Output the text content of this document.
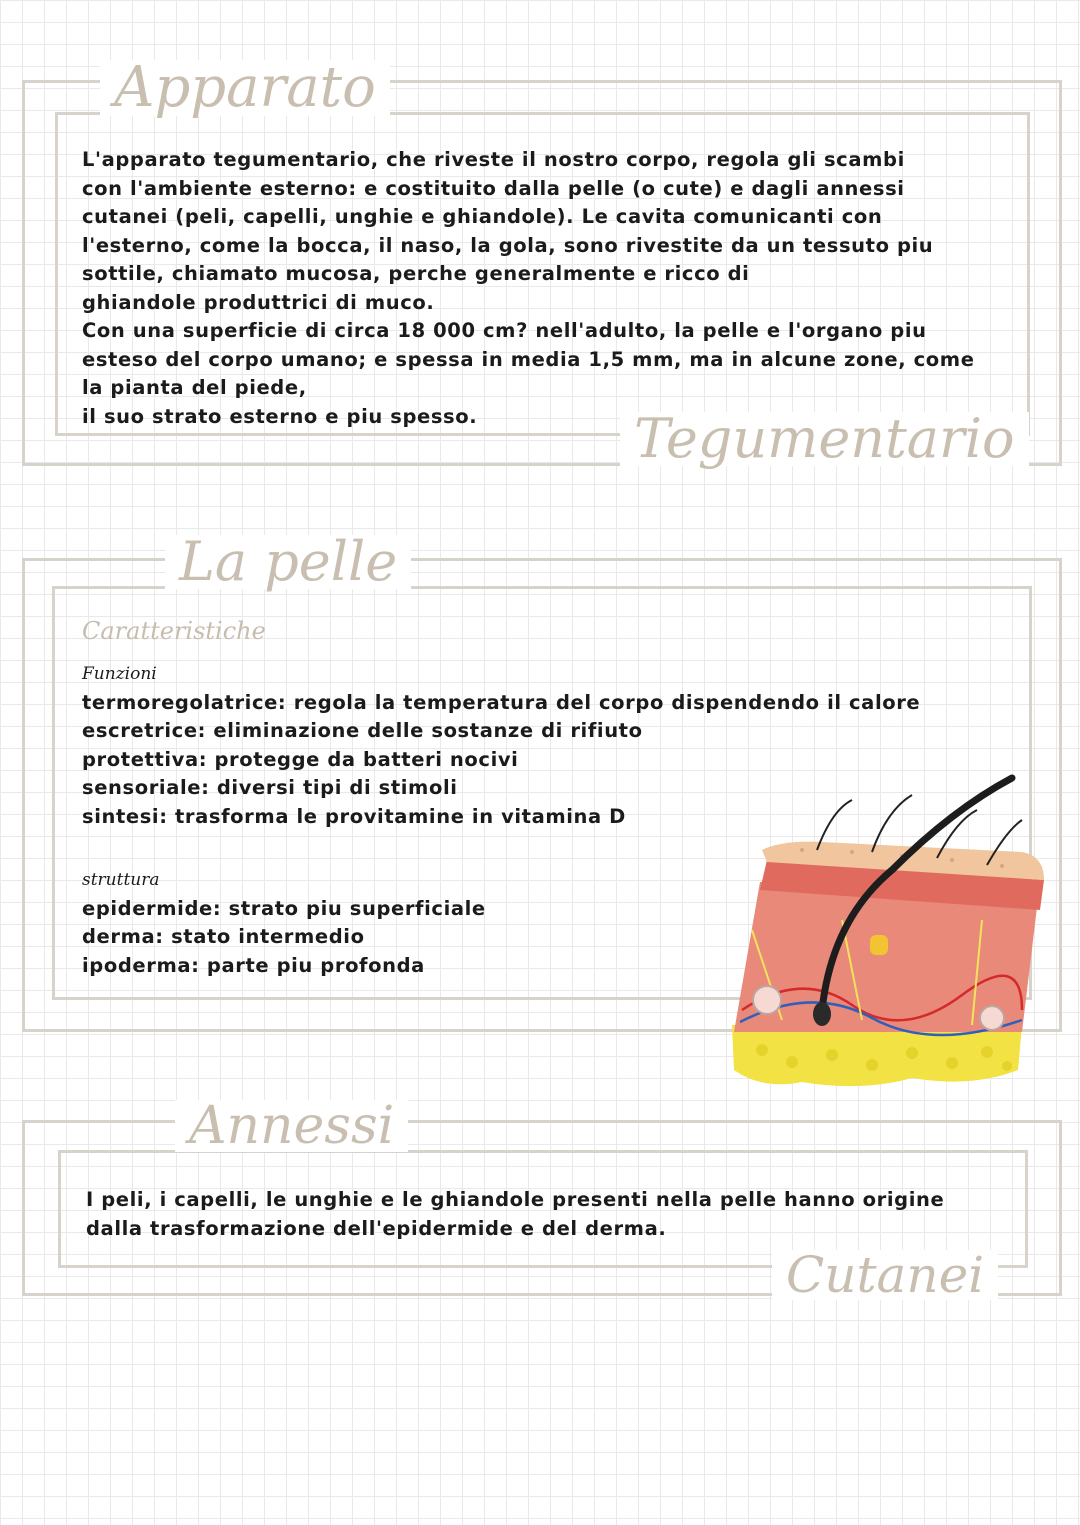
Apparato
Tegumentario

L'apparato tegumentario, che riveste il nostro corpo, regola gli scambi

con l'ambiente esterno: e costituito dalla pelle (o cute) e dagli annessi

cutanei (peli, capelli, unghie e ghiandole). Le cavita comunicanti con

l'esterno, come la bocca, il naso, la gola, sono rivestite da un tessuto piu

sottile, chiamato mucosa, perche generalmente e ricco di

ghiandole produttrici di muco.

Con una superficie di circa 18 000 cm? nell'adulto, la pelle e l'organo piu

esteso del corpo umano; e spessa in media 1,5 mm, ma in alcune zone, come

la pianta del piede,

il suo strato esterno e piu spesso.

La pelle
Caratteristiche

Funzioni

termoregolatrice: regola la temperatura del corpo dispendendo il calore

escretrice: eliminazione delle sostanze di rifiuto

protettiva: protegge da batteri nocivi

sensoriale: diversi tipi di stimoli

sintesi: trasforma le provitamine in vitamina D

struttura

epidermide: strato piu superficiale

derma: stato intermedio

ipoderma: parte piu profonda

Annessi
Cutanei

I peli, i capelli, le unghie e le ghiandole presenti nella pelle hanno origine

dalla trasformazione dell'epidermide e del derma.
